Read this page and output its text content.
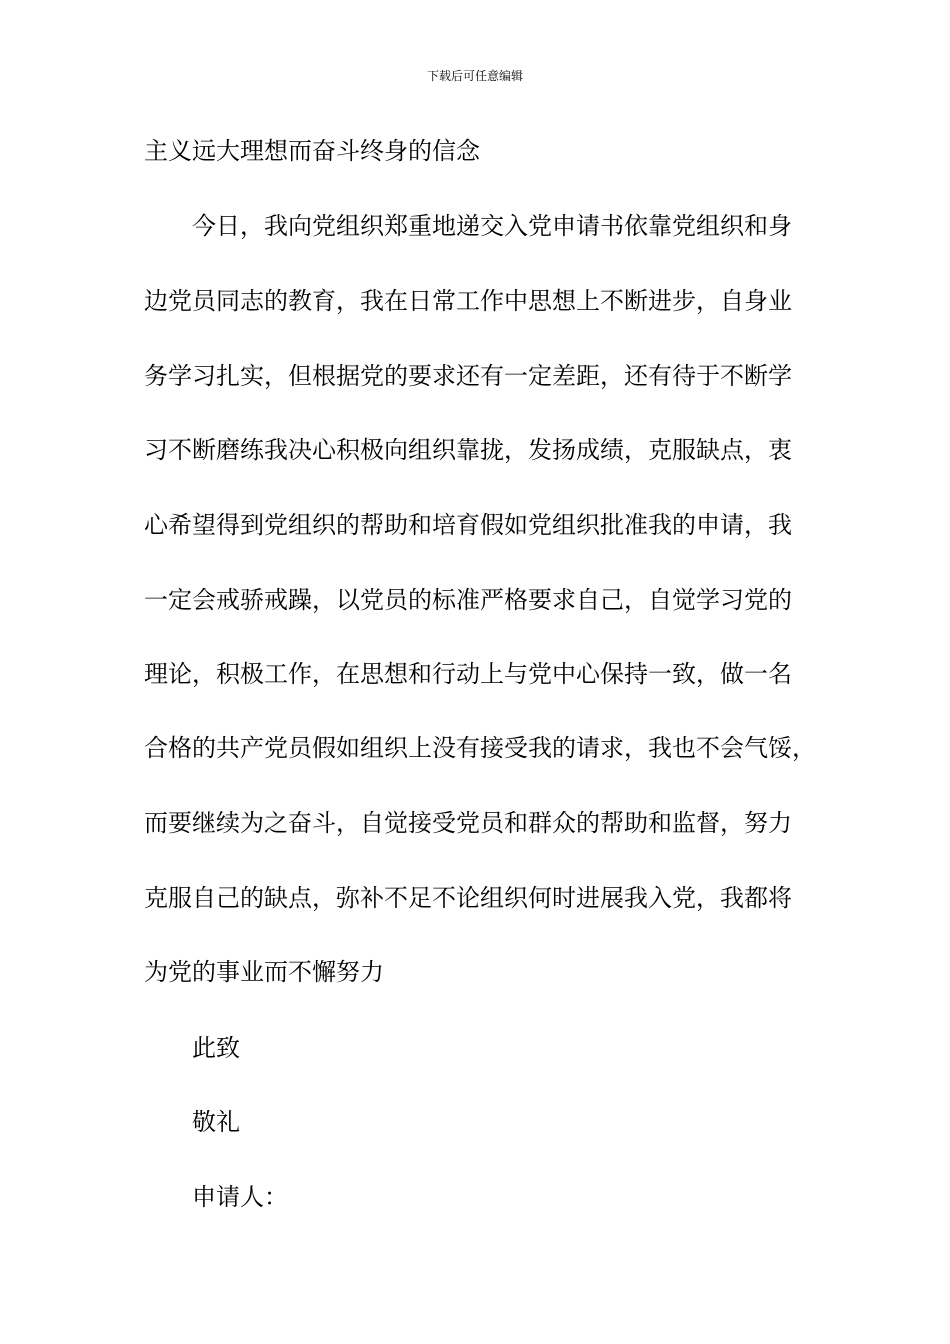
下载后可任意编辑
主义远大理想而奋斗终身的信念
今日，我向党组织郑重地递交入党申请书依靠党组织和身
边党员同志的教育，我在日常工作中思想上不断进步，自身业
务学习扎实，但根据党的要求还有一定差距，还有待于不断学
习不断磨练我决心积极向组织靠拢，发扬成绩，克服缺点，衷
心希望得到党组织的帮助和培育假如党组织批准我的申请，我
一定会戒骄戒躁，以党员的标准严格要求自己，自觉学习党的
理论，积极工作，在思想和行动上与党中心保持一致，做一名
合格的共产党员假如组织上没有接受我的请求，我也不会气馁，
而要继续为之奋斗，自觉接受党员和群众的帮助和监督，努力
克服自己的缺点，弥补不足不论组织何时进展我入党，我都将
为党的事业而不懈努力
此致
敬礼
申请人：
